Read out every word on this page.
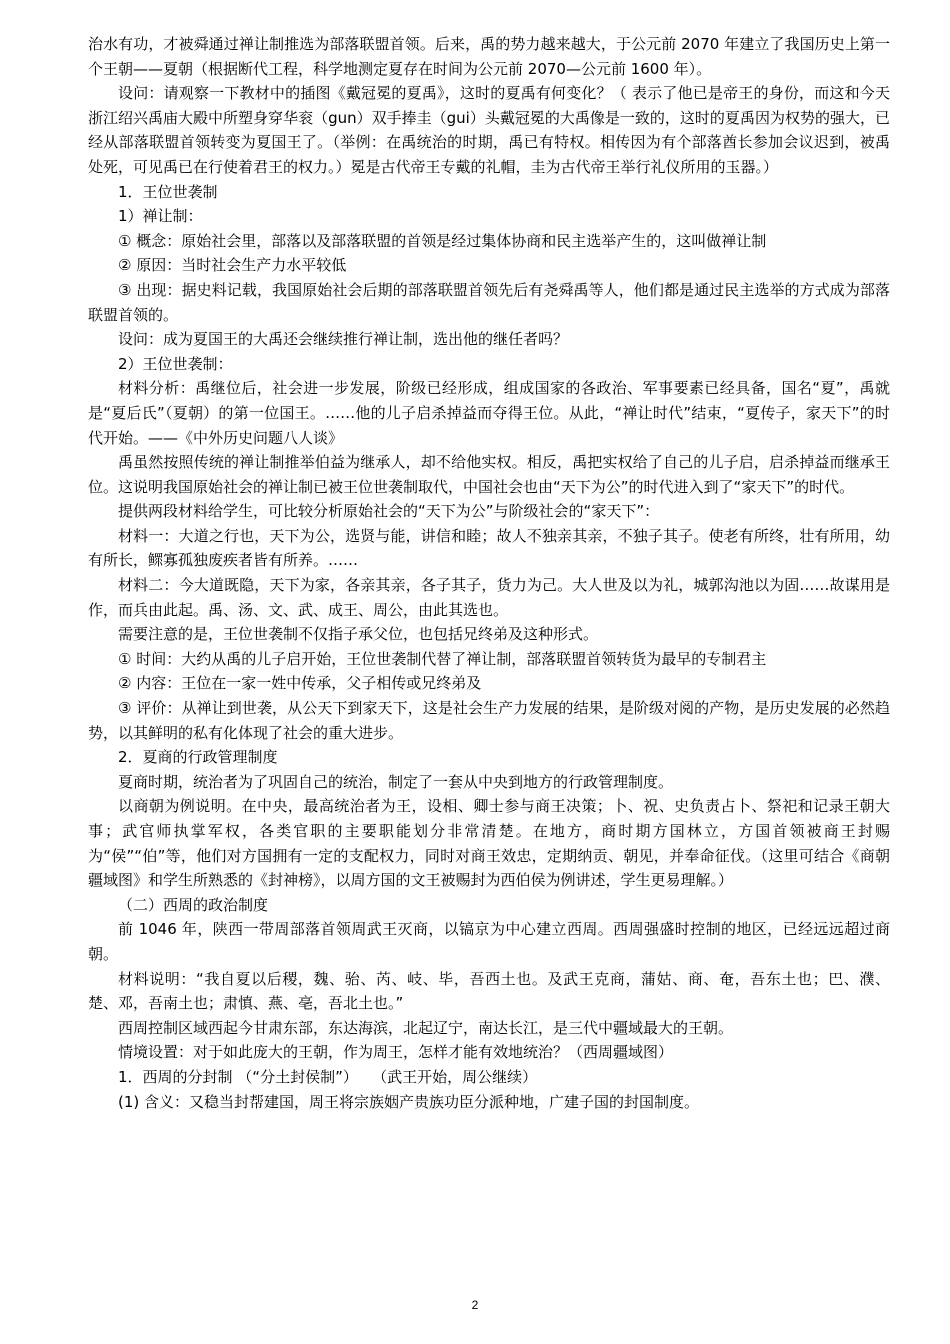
治水有功，才被舜通过禅让制推选为部落联盟首领。后来，禹的势力越来越大，于公元前 2070 年建立了我国历史上第一个王朝——夏朝（根据断代工程，科学地测定夏存在时间为公元前 2070—公元前 1600 年）。

设问：请观察一下教材中的插图《戴冠冕的夏禹》，这时的夏禹有何变化？（ 表示了他已是帝王的身份，而这和今天浙江绍兴禹庙大殿中所塑身穿华衮（gun）双手捧圭（gui）头戴冠冕的大禹像是一致的，这时的夏禹因为权势的强大，已经从部落联盟首领转变为夏国王了。（举例：在禹统治的时期，禹已有特权。相传因为有个部落酋长参加会议迟到，被禹处死，可见禹已在行使着君王的权力。）冕是古代帝王专戴的礼帽，圭为古代帝王举行礼仪所用的玉器。）

1．王位世袭制

1）禅让制：

① 概念：原始社会里，部落以及部落联盟的首领是经过集体协商和民主选举产生的，这叫做禅让制

② 原因：当时社会生产力水平较低

③ 出现：据史料记载，我国原始社会后期的部落联盟首领先后有尧舜禹等人，他们都是通过民主选举的方式成为部落联盟首领的。

设问：成为夏国王的大禹还会继续推行禅让制，选出他的继任者吗？

2）王位世袭制：

材料分析：禹继位后，社会进一步发展，阶级已经形成，组成国家的各政治、军事要素已经具备，国名“夏”，禹就是“夏后氏”（夏朝）的第一位国王。……他的儿子启杀掉益而夺得王位。从此，“禅让时代”结束，“夏传子，家天下”的时代开始。——《中外历史问题八人谈》

禹虽然按照传统的禅让制推举伯益为继承人，却不给他实权。相反，禹把实权给了自己的儿子启，启杀掉益而继承王位。这说明我国原始社会的禅让制已被王位世袭制取代，中国社会也由“天下为公”的时代进入到了“家天下”的时代。

提供两段材料给学生，可比较分析原始社会的“天下为公”与阶级社会的“家天下”：

材料一：大道之行也，天下为公，选贤与能，讲信和睦；故人不独亲其亲，不独子其子。使老有所终，壮有所用，幼有所长，鳏寡孤独废疾者皆有所养。……

材料二：今大道既隐，天下为家，各亲其亲，各子其子，货力为己。大人世及以为礼，城郭沟池以为固……故谋用是作，而兵由此起。禹、汤、文、武、成王、周公，由此其选也。

需要注意的是，王位世袭制不仅指子承父位，也包括兄终弟及这种形式。

① 时间：大约从禹的儿子启开始，王位世袭制代替了禅让制，部落联盟首领转货为最早的专制君主

② 内容：王位在一家一姓中传承，父子相传或兄终弟及

③ 评价：从禅让到世袭，从公天下到家天下，这是社会生产力发展的结果，是阶级对阅的产物，是历史发展的必然趋势，以其鲜明的私有化体现了社会的重大进步。

2．夏商的行政管理制度

夏商时期，统治者为了巩固自己的统治，制定了一套从中央到地方的行政管理制度。

以商朝为例说明。在中央，最高统治者为王，设相、卿士参与商王决策；卜、祝、史负责占卜、祭祀和记录王朝大事；武官师执掌军权，各类官职的主要职能划分非常清楚。在地方，商时期方国林立，方国首领被商王封赐为“侯”“伯”等，他们对方国拥有一定的支配权力，同时对商王效忠，定期纳贡、朝见，并奉命征伐。（这里可结合《商朝疆域图》和学生所熟悉的《封神榜》，以周方国的文王被赐封为西伯侯为例讲述，学生更易理解。）

（二）西周的政治制度

前 1046 年，陕西一带周部落首领周武王灭商，以镐京为中心建立西周。西周强盛时控制的地区，已经远远超过商朝。

材料说明：“我自夏以后稷，魏、骀、芮、岐、毕，吾西土也。及武王克商，蒲姑、商、奄，吾东土也；巴、濮、楚、邓，吾南土也；肃慎、燕、亳，吾北土也。”

西周控制区域西起今甘肃东部，东达海滨，北起辽宁，南达长江，是三代中疆域最大的王朝。

情境设置：对于如此庞大的王朝，作为周王，怎样才能有效地统治？（西周疆域图）

1．西周的分封制 （“分土封侯制”）   （武王开始，周公继续）

(1) 含义：又稳当封帮建国，周王将宗族姻产贵族功臣分派种地，广建子国的封国制度。

2
